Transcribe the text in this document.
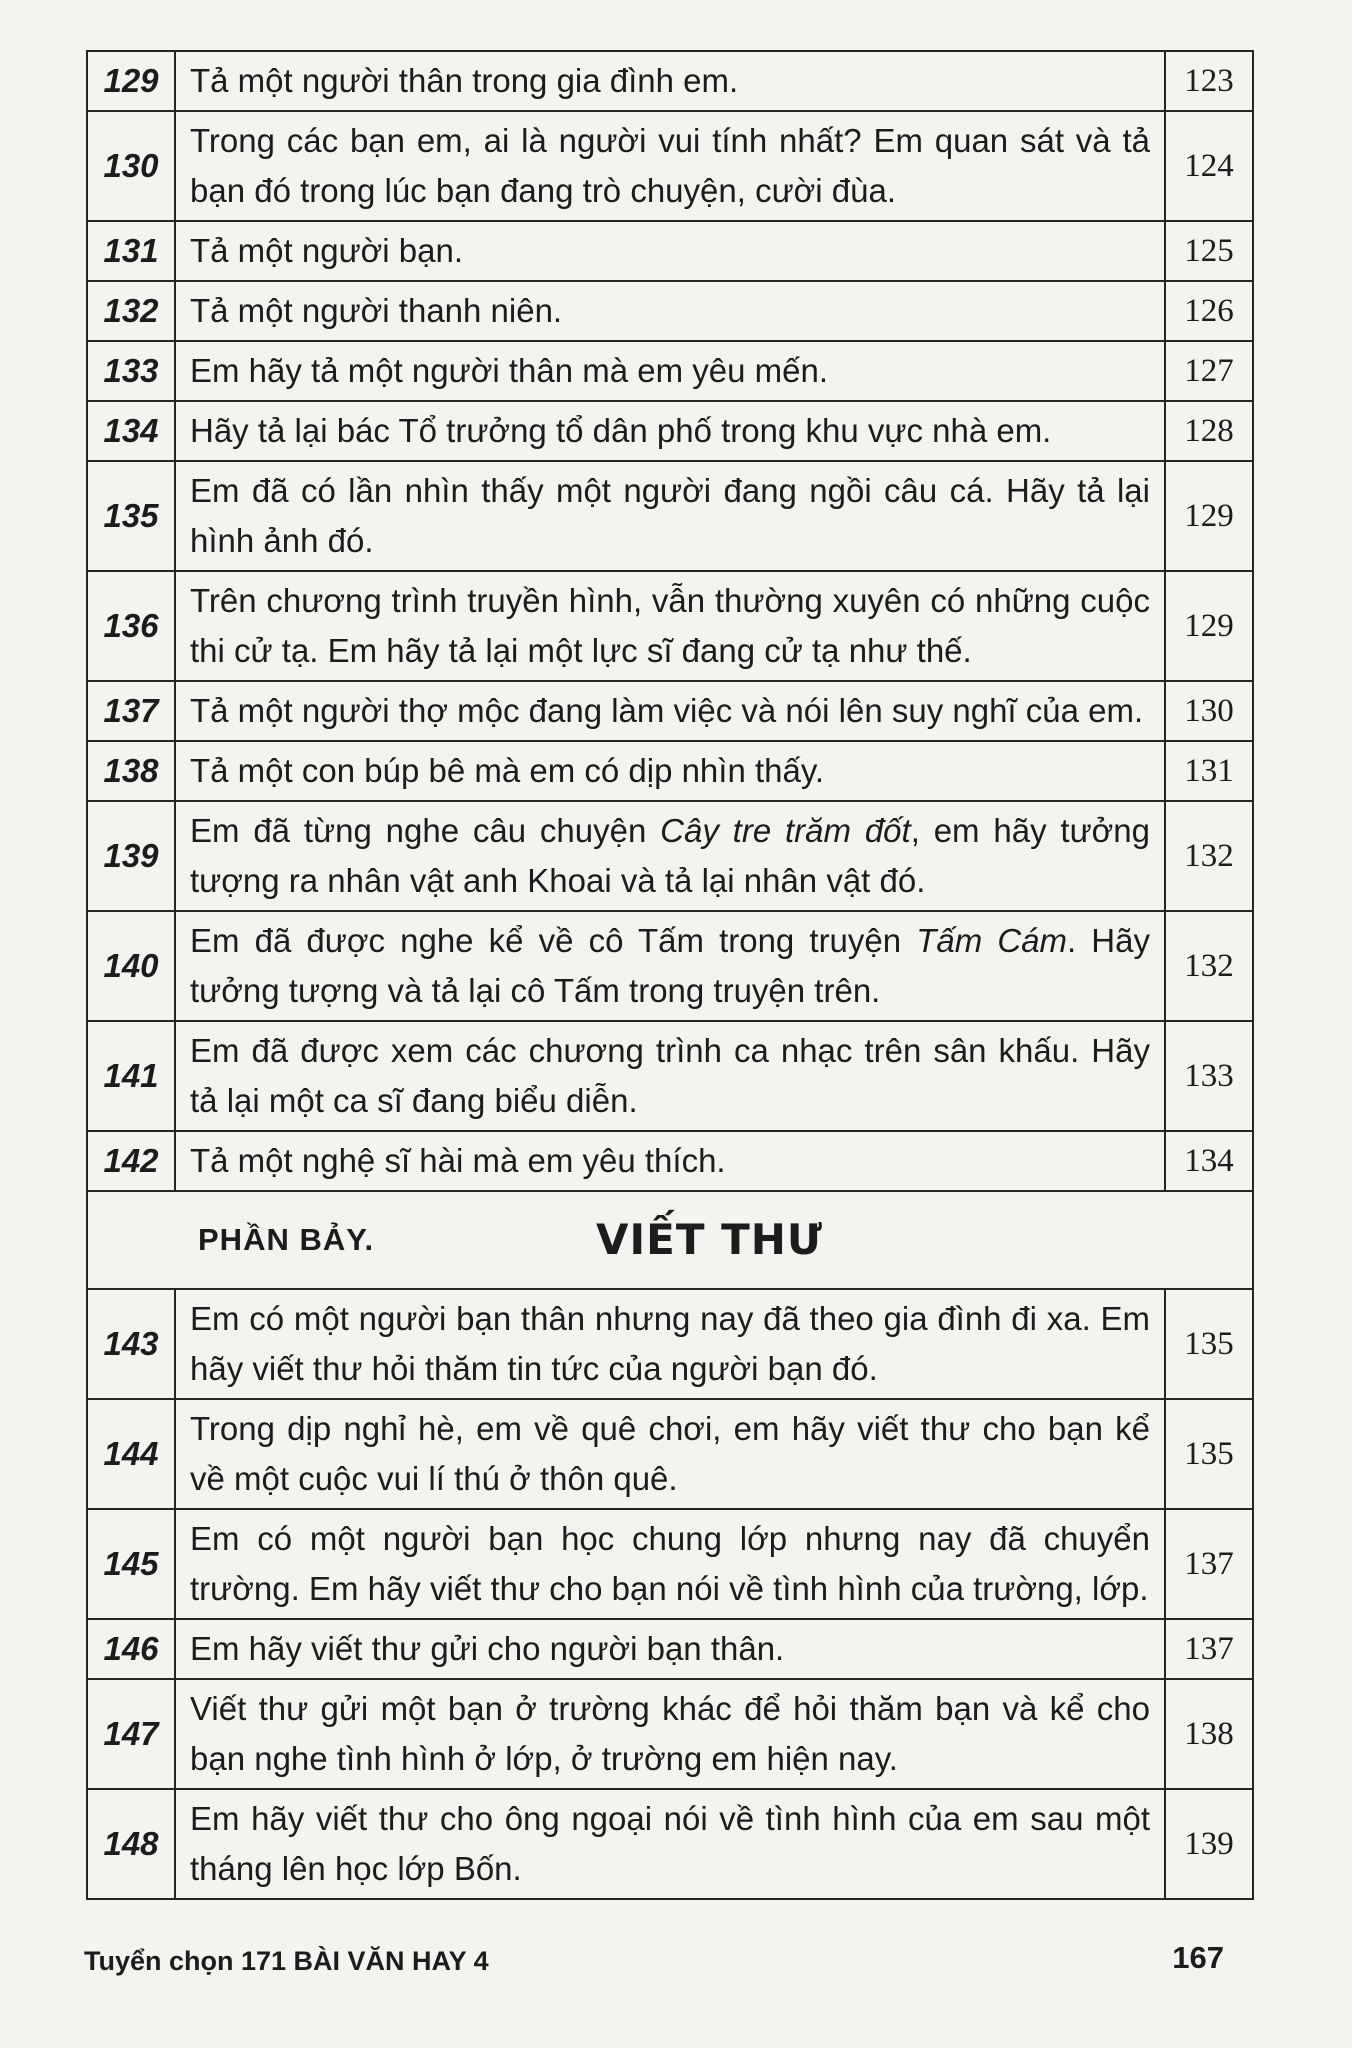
129	Tả một người thân trong gia đình em.	123
130	Trong các bạn em, ai là người vui tính nhất? Em quan sát và tả bạn đó trong lúc bạn đang trò chuyện, cười đùa.	124
131	Tả một người bạn.	125
132	Tả một người thanh niên.	126
133	Em hãy tả một người thân mà em yêu mến.	127
134	Hãy tả lại bác Tổ trưởng tổ dân phố trong khu vực nhà em.	128
135	Em đã có lần nhìn thấy một người đang ngồi câu cá. Hãy tả lại hình ảnh đó.	129
136	Trên chương trình truyền hình, vẫn thường xuyên có những cuộc thi cử tạ. Em hãy tả lại một lực sĩ đang cử tạ như thế.	129
137	Tả một người thợ mộc đang làm việc và nói lên suy nghĩ của em.	130
138	Tả một con búp bê mà em có dịp nhìn thấy.	131
139	Em đã từng nghe câu chuyện Cây tre trăm đốt, em hãy tưởng tượng ra nhân vật anh Khoai và tả lại nhân vật đó.	132
140	Em đã được nghe kể về cô Tấm trong truyện Tấm Cám. Hãy tưởng tượng và tả lại cô Tấm trong truyện trên.	132
141	Em đã được xem các chương trình ca nhạc trên sân khấu. Hãy tả lại một ca sĩ đang biểu diễn.	133
142	Tả một nghệ sĩ hài mà em yêu thích.	134

PHẦN BẢY. VIẾT THƯ		

143	Em có một người bạn thân nhưng nay đã theo gia đình đi xa. Em hãy viết thư hỏi thăm tin tức của người bạn đó.	135
144	Trong dịp nghỉ hè, em về quê chơi, em hãy viết thư cho bạn kể về một cuộc vui lí thú ở thôn quê.	135
145	Em có một người bạn học chung lớp nhưng nay đã chuyển trường. Em hãy viết thư cho bạn nói về tình hình của trường, lớp.	137
146	Em hãy viết thư gửi cho người bạn thân.	137
147	Viết thư gửi một bạn ở trường khác để hỏi thăm bạn và kể cho bạn nghe tình hình ở lớp, ở trường em hiện nay.	138
148	Em hãy viết thư cho ông ngoại nói về tình hình của em sau một tháng lên học lớp Bốn.	139
Tuyển chọn 171 BÀI VĂN HAY 4	167
